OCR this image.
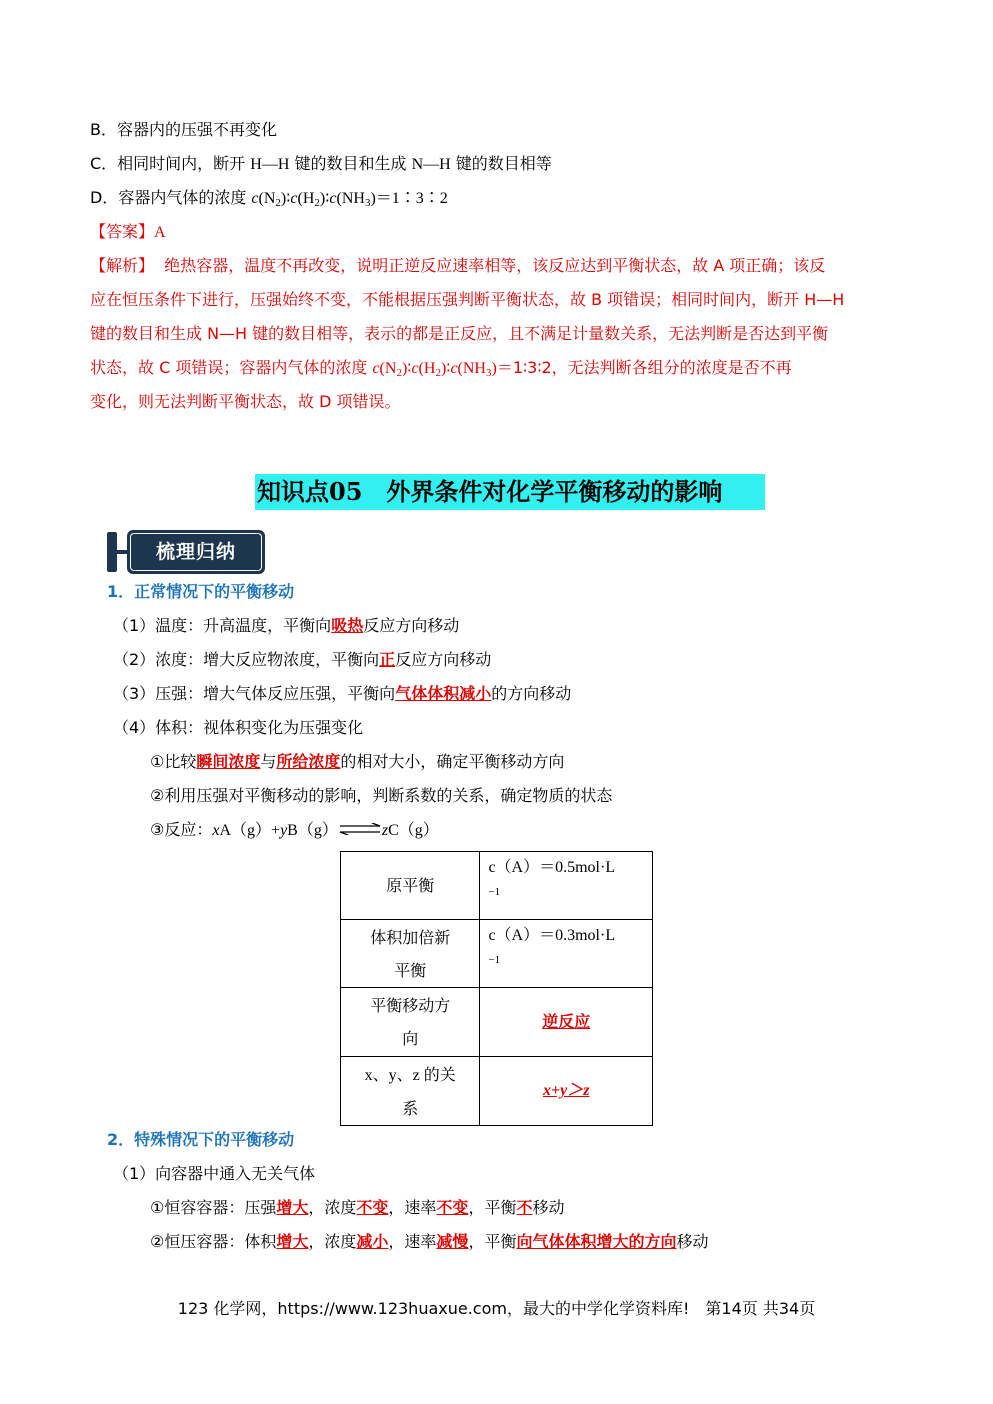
B．容器内的压强不再变化
C．相同时间内，断开 H—H 键的数目和生成 N—H 键的数目相等
D．容器内气体的浓度 $c(N_2)∶c(H_2)∶c(NH_3)=1∶3∶2$
【答案】A
【解析】 绝热容器，温度不再改变，说明正逆反应速率相等，该反应达到平衡状态，故 A 项正确；该反
应在恒压条件下进行，压强始终不变，不能根据压强判断平衡状态，故 B 项错误；相同时间内，断开 H—H
键的数目和生成 N—H 键的数目相等，表示的都是正反应，且不满足计量数关系，无法判断是否达到平衡
状态，故 C 项错误；容器内气体的浓度 $c(N_2)∶c(H_2)∶c(NH_3)=1∶3∶2$，无法判断各组分的浓度是否不再
变化，则无法判断平衡状态，故 D 项错误。
知识点05　外界条件对化学平衡移动的影响
梳理归纳
1．正常情况下的平衡移动
（1）温度：升高温度，平衡向吸热反应方向移动
（2）浓度：增大反应物浓度，平衡向正反应方向移动
（3）压强：增大气体反应压强，平衡向气体体积减小的方向移动
（4）体积：视体积变化为压强变化
①比较瞬间浓度与所给浓度的相对大小，确定平衡移动方向
②利用压强对平衡移动的影响，判断系数的关系，确定物质的状态
③反应：xA（g）+yB（g）⇌zC（g）
原平衡	c（A）＝0.5mol·L
−1

体积加倍新
平衡	c（A）＝0.3mol·L
−1

平衡移动方
向	逆反应
x、y、z 的关
系	x+y＞z
2．特殊情况下的平衡移动
（1）向容器中通入无关气体
①恒容容器：压强增大，浓度不变，速率不变，平衡不移动
②恒压容器：体积增大，浓度减小，速率减慢，平衡向气体体积增大的方向移动
123 化学网，https://www.123huaxue.com，最大的中学化学资料库!　第14页 共34页
